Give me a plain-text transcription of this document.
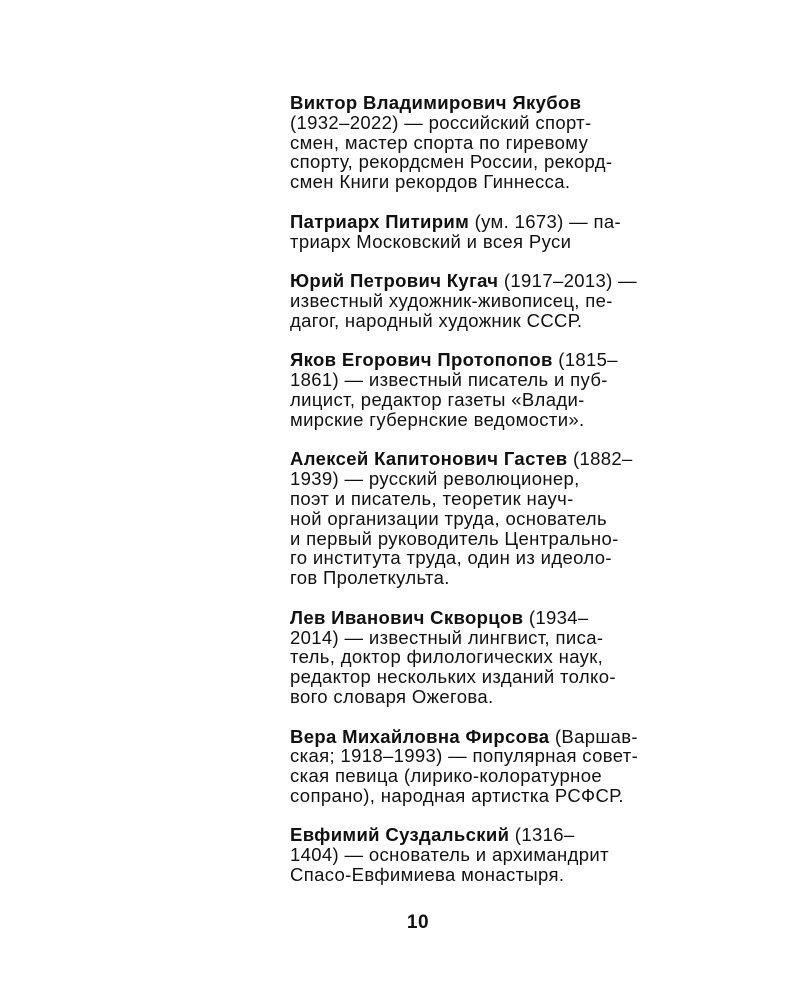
Виктор Владимирович Якубов
(1932–2022) — российский спорт-
смен, мастер спорта по гиревому
спорту, рекордсмен России, рекорд-
смен Книги рекордов Гиннесса.
Патриарх Питирим (ум. 1673) — па-
триарх Московский и всея Руси
Юрий Петрович Кугач (1917–2013) —
известный художник-живописец, пе-
дагог, народный художник СССР.
Яков Егорович Протопопов (1815–
1861) — известный писатель и пуб-
лицист, редактор газеты «Влади-
мирские губернские ведомости».
Алексей Капитонович Гастев (1882–
1939) — русский революционер,
поэт и писатель, теоретик науч-
ной организации труда, основатель
и первый руководитель Центрально-
го института труда, один из идеоло-
гов Пролеткульта.
Лев Иванович Скворцов (1934–
2014) — известный лингвист, писа-
тель, доктор филологических наук,
редактор нескольких изданий толко-
вого словаря Ожегова.
Вера Михайловна Фирсова (Варшав-
ская; 1918–1993) — популярная совет-
ская певица (лирико-колоратурное
сопрано), народная артистка РСФСР.
Евфимий Суздальский (1316–
1404) — основатель и архимандрит
Спасо-Евфимиева монастыря.
10
